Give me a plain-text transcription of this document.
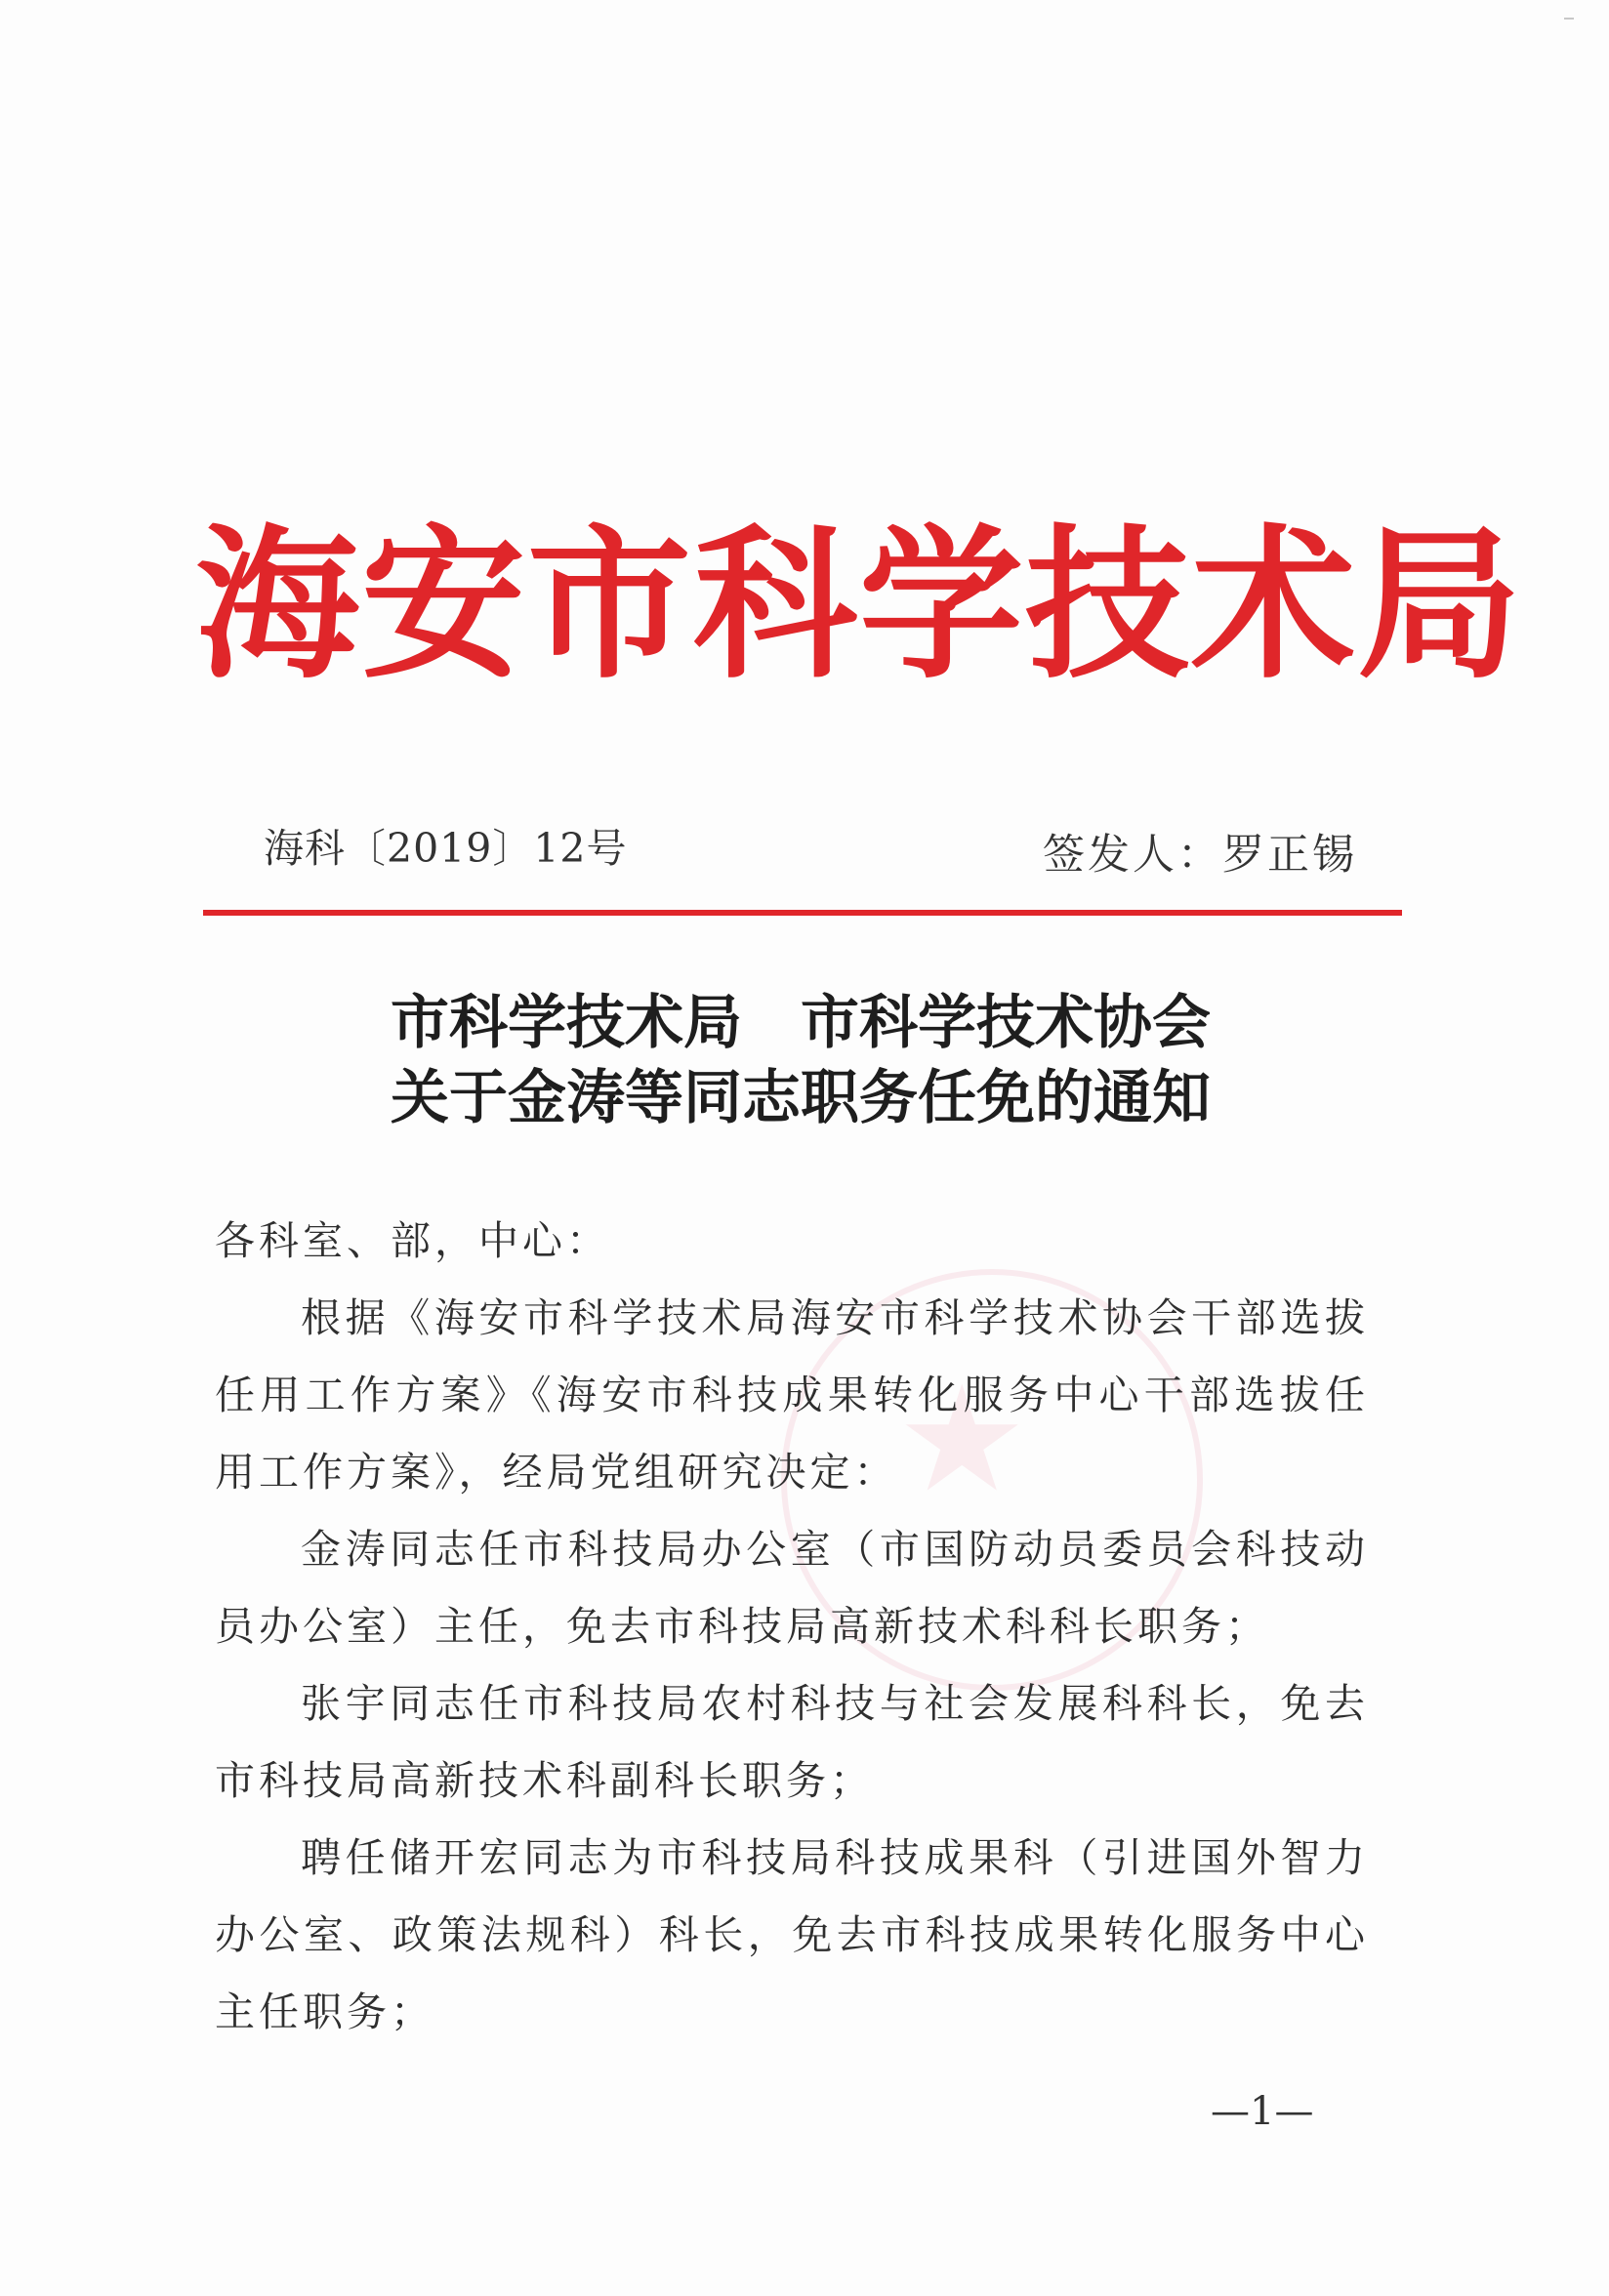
海安市科学技术局
海科〔2019〕12号	签发人：罗正锡
市科学技术局　市科学技术协会
关于金涛等同志职务任免的通知
★

各科室、部，中心：

根据《海安市科学技术局海安市科学技术协会干部选拔任用工作方案》《海安市科技成果转化服务中心干部选拔任用工作方案》，经局党组研究决定：

金涛同志任市科技局办公室（市国防动员委员会科技动员办公室）主任，免去市科技局高新技术科科长职务；

张宇同志任市科技局农村科技与社会发展科科长，免去市科技局高新技术科副科长职务；

聘任储开宏同志为市科技局科技成果科（引进国外智力办公室、政策法规科）科长，免去市科技成果转化服务中心主任职务；

—1—
